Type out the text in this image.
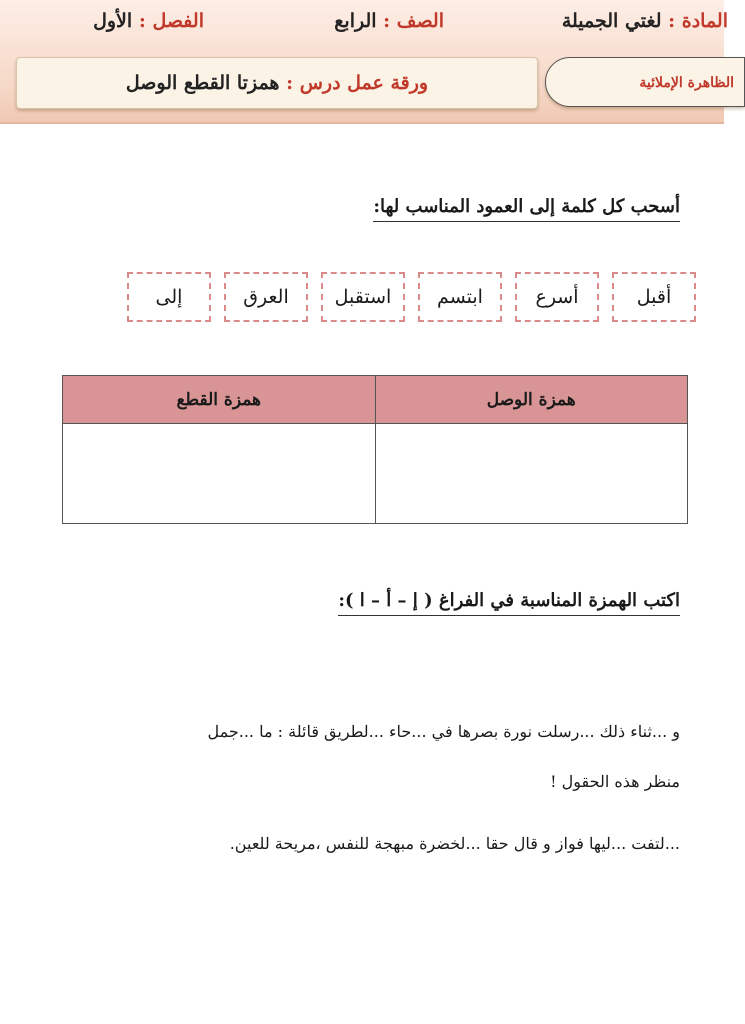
المادة : لغتي الجميلة
الصف : الرابع
الفصل : الأول
ورقة عمل درس : همزتا القطع الوصل	الظاهرة الإملائية
أسحب كل كلمة إلى العمود المناسب لها:
أقبل
أسرع
ابتسم
استقبل
العرق
إلى
همزة الوصل	همزة القطع

اكتب الهمزة المناسبة في الفراغ ( إ – أ – ا ):
و ...ثناء ذلك ...رسلت نورة بصرها في ...حاء ...لطريق قائلة : ما ...جمل
منظر هذه الحقول !
...لتفت ...ليها فواز و قال حقا ...لخضرة مبهجة للنفس ،مريحة للعين.
